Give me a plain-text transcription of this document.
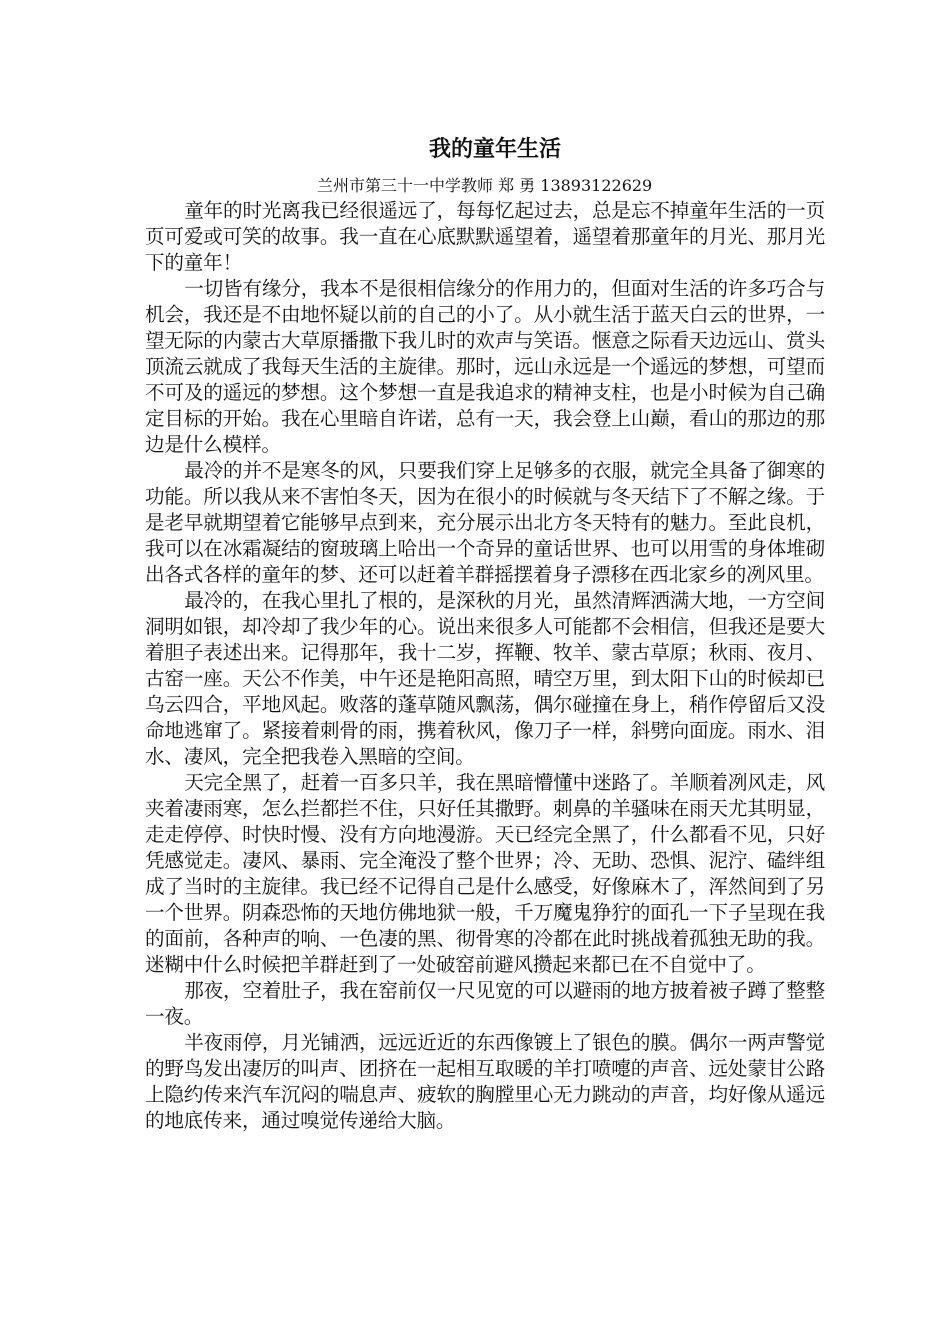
我的童年生活
兰州市第三十一中学教师 郑 勇 13893122629

童年的时光离我已经很遥远了，每每忆起过去，总是忘不掉童年生活的一页页可爱或可笑的故事。我一直在心底默默遥望着，遥望着那童年的月光、那月光下的童年！

一切皆有缘分，我本不是很相信缘分的作用力的，但面对生活的许多巧合与机会，我还是不由地怀疑以前的自己的小了。从小就生活于蓝天白云的世界，一望无际的内蒙古大草原播撒下我儿时的欢声与笑语。惬意之际看天边远山、赏头顶流云就成了我每天生活的主旋律。那时，远山永远是一个遥远的梦想，可望而不可及的遥远的梦想。这个梦想一直是我追求的精神支柱，也是小时候为自己确定目标的开始。我在心里暗自许诺，总有一天，我会登上山巅，看山的那边的那边是什么模样。

最冷的并不是寒冬的风，只要我们穿上足够多的衣服，就完全具备了御寒的功能。所以我从来不害怕冬天，因为在很小的时候就与冬天结下了不解之缘。于是老早就期望着它能够早点到来，充分展示出北方冬天特有的魅力。至此良机，我可以在冰霜凝结的窗玻璃上哈出一个奇异的童话世界、也可以用雪的身体堆砌出各式各样的童年的梦、还可以赶着羊群摇摆着身子漂移在西北家乡的冽风里。

最冷的，在我心里扎了根的，是深秋的月光，虽然清辉洒满大地，一方空间洞明如银，却冷却了我少年的心。说出来很多人可能都不会相信，但我还是要大着胆子表述出来。记得那年，我十二岁，挥鞭、牧羊、蒙古草原；秋雨、夜月、古窑一座。天公不作美，中午还是艳阳高照，晴空万里，到太阳下山的时候却已乌云四合，平地风起。败落的蓬草随风飘荡，偶尔碰撞在身上，稍作停留后又没命地逃窜了。紧接着刺骨的雨，携着秋风，像刀子一样，斜劈向面庞。雨水、泪水、凄风，完全把我卷入黑暗的空间。

天完全黑了，赶着一百多只羊，我在黑暗懵懂中迷路了。羊顺着冽风走，风夹着凄雨寒，怎么拦都拦不住，只好任其撒野。刺鼻的羊骚味在雨天尤其明显，走走停停、时快时慢、没有方向地漫游。天已经完全黑了，什么都看不见，只好凭感觉走。凄风、暴雨、完全淹没了整个世界；冷、无助、恐惧、泥泞、磕绊组成了当时的主旋律。我已经不记得自己是什么感受，好像麻木了，浑然间到了另一个世界。阴森恐怖的天地仿佛地狱一般，千万魔鬼狰狞的面孔一下子呈现在我的面前，各种声的响、一色凄的黑、彻骨寒的冷都在此时挑战着孤独无助的我。迷糊中什么时候把羊群赶到了一处破窑前避风攒起来都已在不自觉中了。

那夜，空着肚子，我在窑前仅一尺见宽的可以避雨的地方披着被子蹲了整整一夜。

半夜雨停，月光铺洒，远远近近的东西像镀上了银色的膜。偶尔一两声警觉的野鸟发出凄厉的叫声、团挤在一起相互取暖的羊打喷嚏的声音、远处蒙甘公路上隐约传来汽车沉闷的喘息声、疲软的胸膛里心无力跳动的声音，均好像从遥远的地底传来，通过嗅觉传递给大脑。
